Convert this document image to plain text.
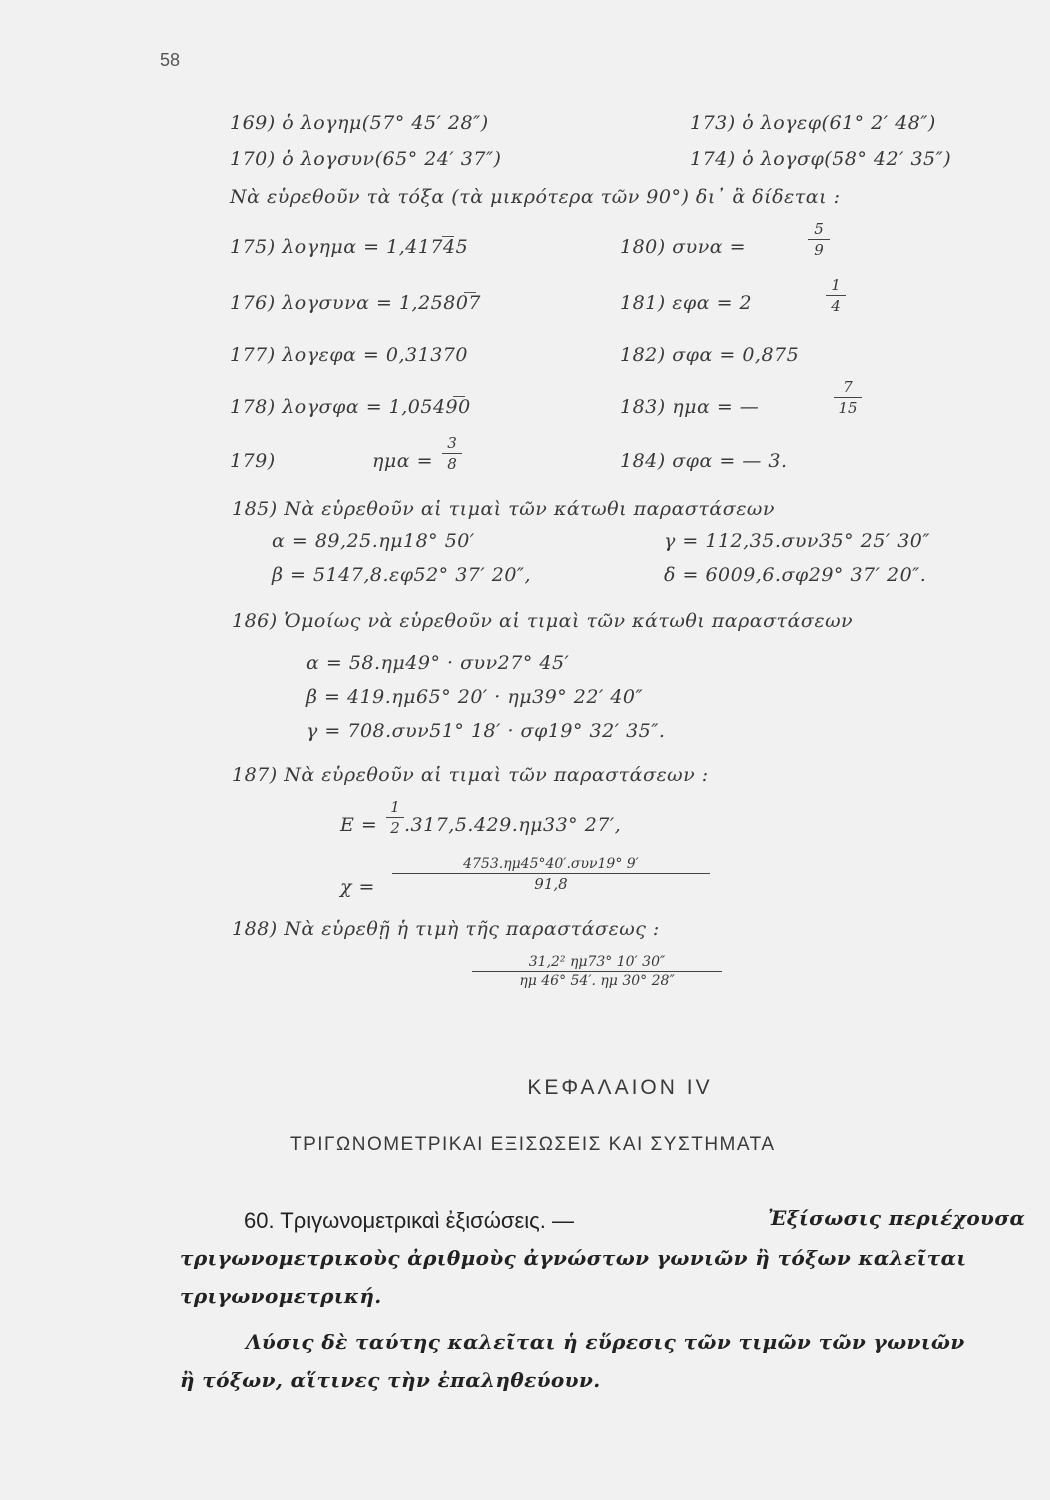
58
169) ὁ λογημ(57° 45′ 28″)	173) ὁ λογεφ(61° 2′ 48″)
170) ὁ λογσυν(65° 24′ 37″)	174) ὁ λογσφ(58° 42′ 35″)
Νὰ εὑρεθοῦν τὰ τόξα (τὰ μικρότερα τῶν 90°) δι᾽ ἃ δίδεται :
175) λογημα = 1,41745	180) συνα =
5
9
176) λογσυνα = 1,25807	181) εφα = 2
1
4
177) λογεφα = 0,31370	182) σφα = 0,875
178) λογσφα = 1,05490	183) ημα = —
7
15
179)	ημα =
3
8	184) σφα = — 3.
185) Νὰ εὑρεθοῦν αἱ τιμαὶ τῶν κάτωθι παραστάσεων
α = 89,25.ημ18° 50′	γ = 112,35.συν35° 25′ 30″
β = 5147,8.εφ52° 37′ 20″,	δ = 6009,6.σφ29° 37′ 20″.
186) Ὁμοίως νὰ εὑρεθοῦν αἱ τιμαὶ τῶν κάτωθι παραστάσεων
α = 58.ημ49° · συν27° 45′
β = 419.ημ65° 20′ · ημ39° 22′ 40″
γ = 708.συν51° 18′ · σφ19° 32′ 35″.
187) Νὰ εὑρεθοῦν αἱ τιμαὶ τῶν παραστάσεων :
Ε =
1
2 .317,5.429.ημ33° 27′,
χ =
4753.ημ45°40′.συν19° 9′
91,8
188) Νὰ εὑρεθῇ ἡ τιμὴ τῆς παραστάσεως :
31,2² ημ73° 10′ 30″
ημ 46° 54′. ημ 30° 28″
ΚΕΦΑΛΑΙΟΝ IV
ΤΡΙΓΩΝΟΜΕΤΡΙΚΑΙ ΕΞΙΣΩΣΕΙΣ ΚΑΙ ΣΥΣΤΗΜΑΤΑ
60. Τριγωνομετρικαὶ ἐξισώσεις. —	Ἐξίσωσις περιέχουσα
τριγωνομετρικοὺς ἀριθμοὺς ἀγνώστων γωνιῶν ἢ τόξων καλεῖται
τριγωνομετρική.
Λύσις δὲ ταύτης καλεῖται ἡ εὕρεσις τῶν τιμῶν τῶν γωνιῶν
ἢ τόξων, αἵτινες τὴν ἐπαληθεύουν.
